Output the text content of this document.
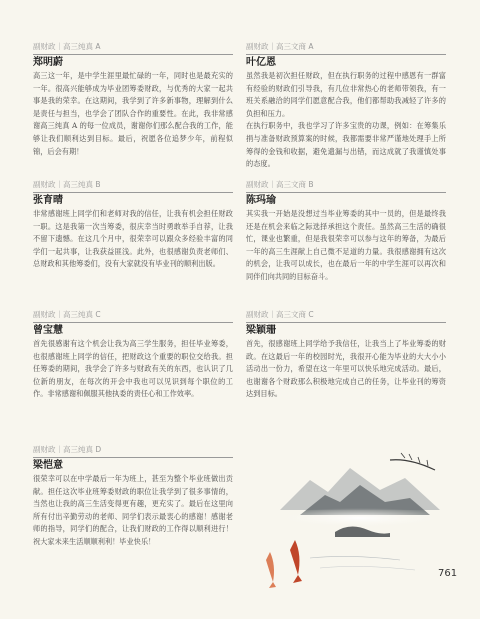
副财政｜高三纯真 A
郑明蔚
高三这一年，是中学生涯里最忙碌的一年，同时也是最充实的一年。很高兴能够成为毕业团筹委财政，与优秀的大家一起共事是我的荣幸。在这期间，我学到了许多新事物，理解到什么是责任与担当，也学会了团队合作的重要性。在此，我非常感谢高三纯真 A 的每一位成员，谢谢你们那么配合我的工作，能够让我们顺利达到目标。最后，祝愿各位追梦少年，前程似锦，后会有期！
副财政｜高三文商 A
叶亿恩
虽然我是初次担任财政，但在执行职务的过程中感恩有一群富有经验的财政们引导我，有几位非常热心的老师带领我，有一班关系融洽的同学们愿意配合我，他们都帮助我减轻了许多的负担和压力。
在执行职务中，我也学习了许多宝贵的功课，例如：在筹集乐捐与准备财政预算案的时候，我都需要非常严谨地处理手上所筹得的金钱和收据，避免遗漏与出错，而这成就了我谨慎处事的态度。
副财政｜高三纯真 B
张育晴
非常感谢班上同学们和老师对我的信任，让我有机会担任财政一职。这是我第一次当筹委，很庆幸当时勇敢举手自荐，让我不留下遗憾。在这几个月中，很荣幸可以跟众多经验丰富的同学们一起共事，让我获益匪浅。此外，也很感谢负责老师们、总财政和其他筹委们，没有大家就没有毕业刊的顺利出版。
副财政｜高三文商 B
陈玛瑜
其实我一开始是没想过当毕业筹委的其中一员的，但是最终我还是在机会来临之际选择承担这个责任。虽然高三生活的确很忙，课业也繁重，但是我很荣幸可以参与这年的筹备，为最后一年的高三生涯献上自己微不足道的力量。我很感谢拥有这次的机会，让我可以成长，也在最后一年的中学生涯可以再次和同伴们向共同的目标奋斗。
副财政｜高三纯真 C
曾宝慧
首先很感谢有这个机会让我为高三学生服务，担任毕业筹委，也很感谢班上同学的信任，把财政这个重要的职位交给我。担任筹委的期间，我学会了许多与财政有关的东西，也认识了几位新的朋友，在每次的开会中我也可以见识到每个职位的工作。非常感谢和佩服其他执委的责任心和工作效率。
副财政｜高三文商 C
梁颖珊
首先，很感谢班上同学给予我信任，让我当上了毕业筹委的财政。在这最后一年的校园时光，我很开心能为毕业的大大小小活动出一份力，希望在这一年里可以快乐地完成活动。最后，也谢谢各个财政那么积极地完成自己的任务，让毕业刊的筹资达到目标。
副财政｜高三纯真 D
梁恺意
很荣幸可以在中学最后一年为班上，甚至为整个毕业班做出贡献。担任这次毕业班筹委财政的职位让我学到了很多事情的，当然也让我的高三生活变得更有趣，更充实了。最后在这里向所有付出辛勤劳动的老师、同学们表示最衷心的感谢！感谢老师的指导，同学们的配合，让我们财政的工作得以顺利进行！祝大家未来生活顺顺利利！毕业快乐！
761
